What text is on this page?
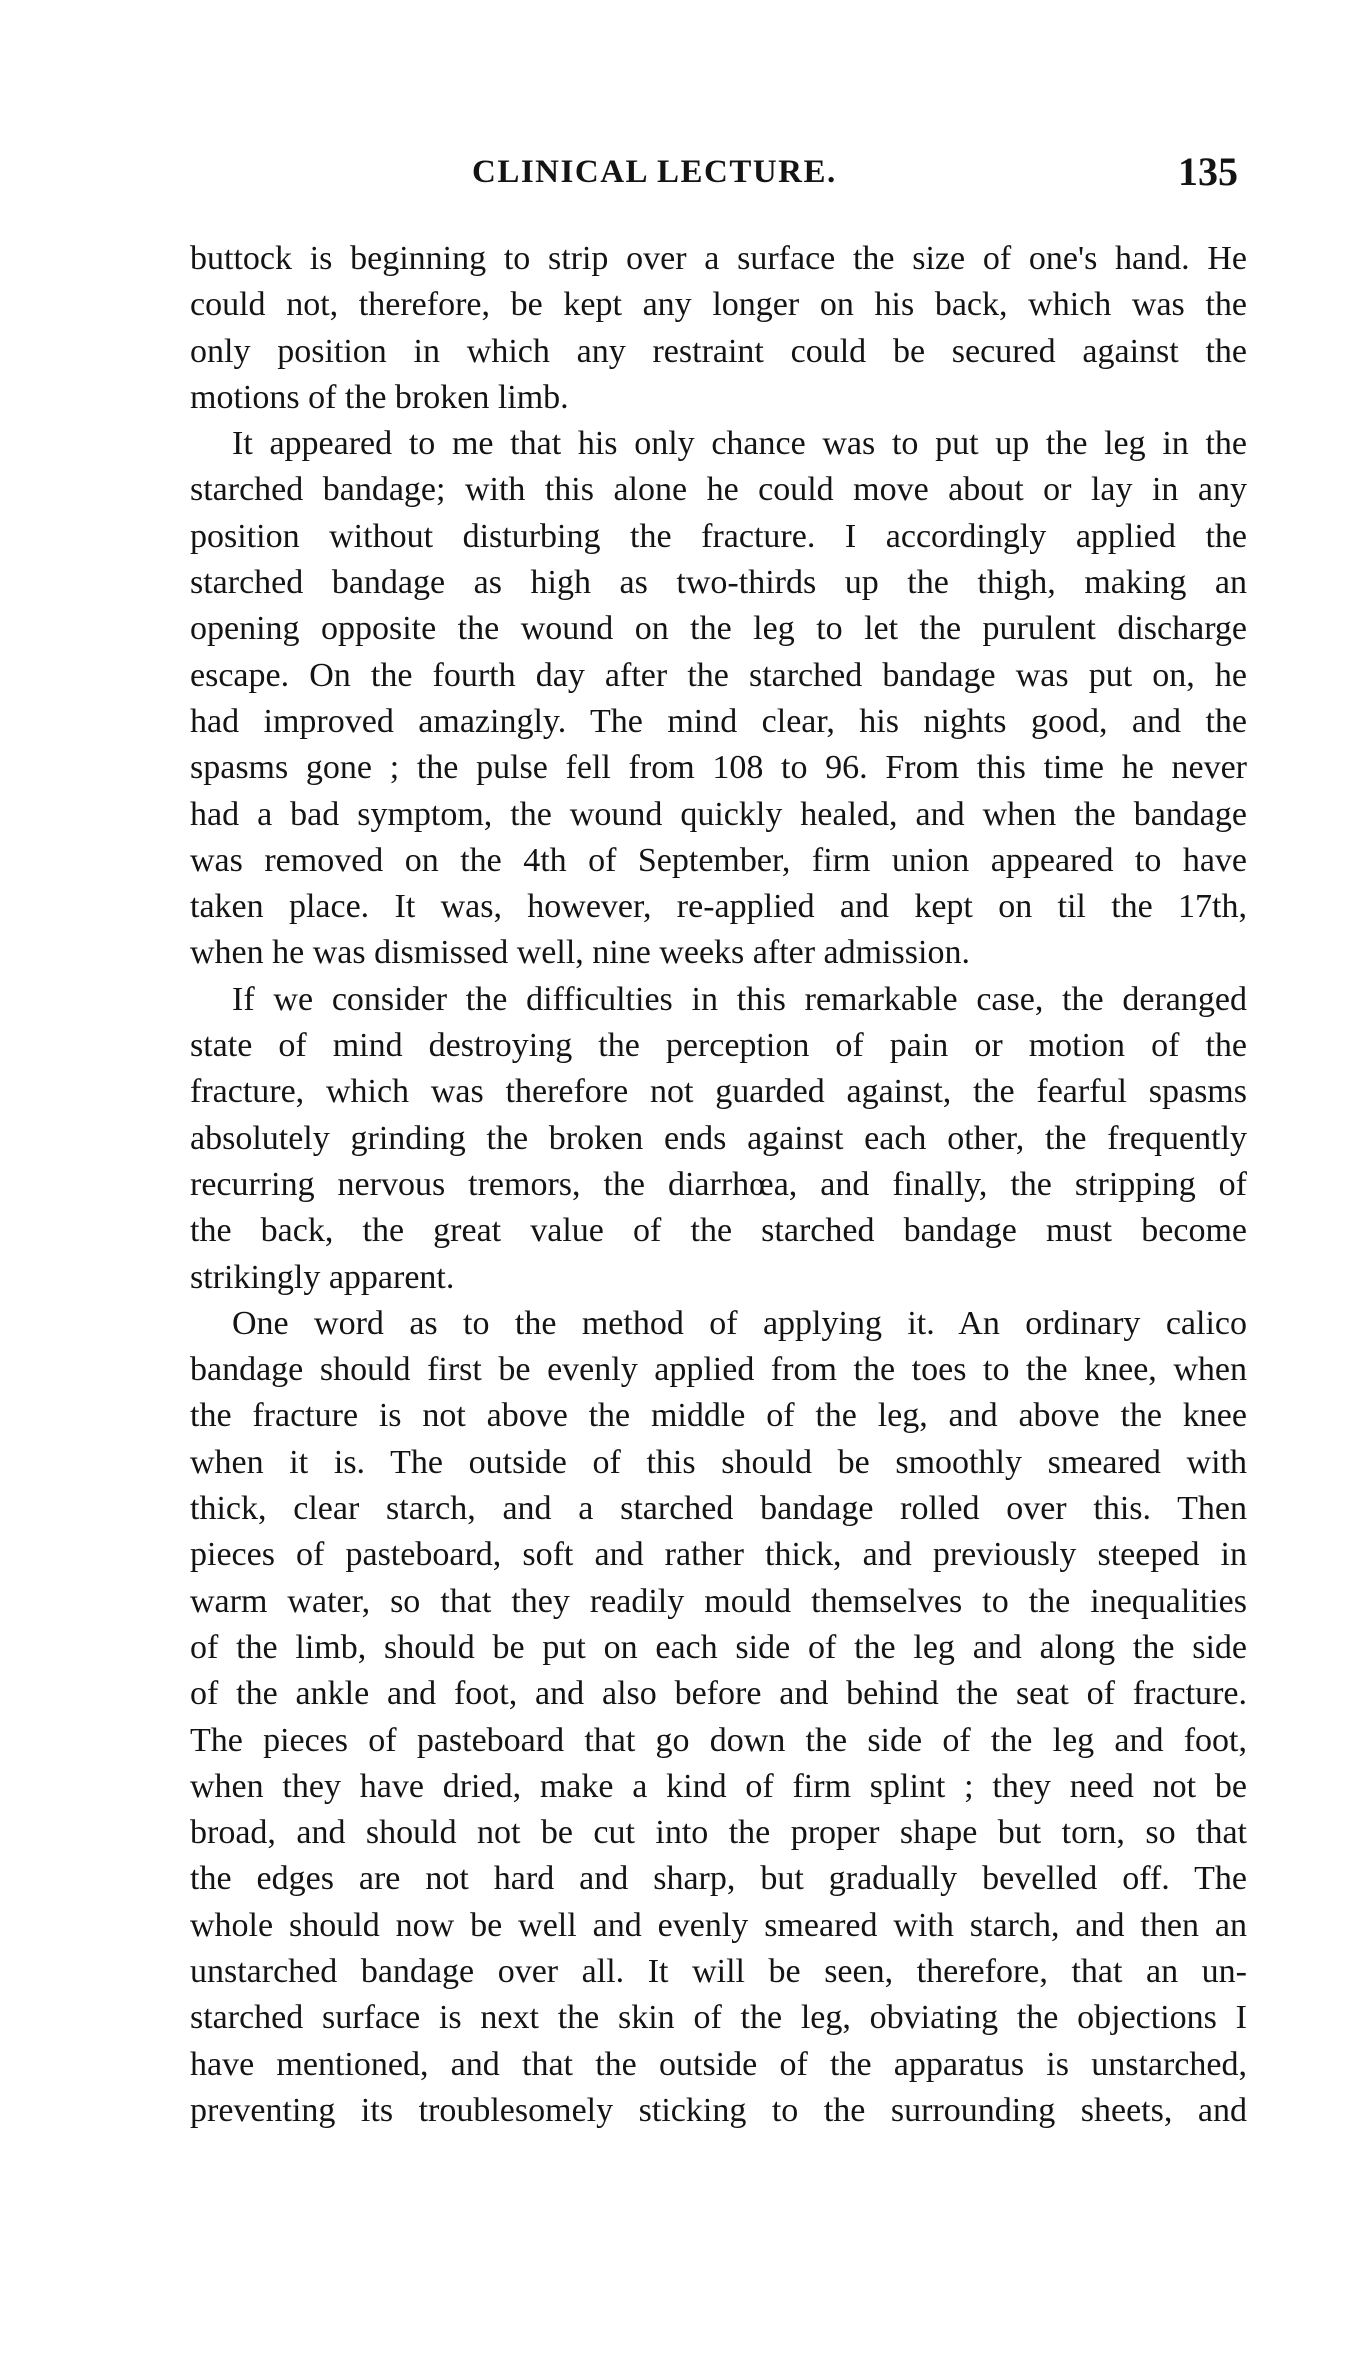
CLINICAL LECTURE.	135
buttock is beginning to strip over a surface the size of one's hand. He
could not, therefore, be kept any longer on his back, which was the
only position in which any restraint could be secured against the
motions of the broken limb.
It appeared to me that his only chance was to put up the leg in the
starched bandage; with this alone he could move about or lay in any
position without disturbing the fracture. I accordingly applied the
starched bandage as high as two-thirds up the thigh, making an
opening opposite the wound on the leg to let the purulent discharge
escape. On the fourth day after the starched bandage was put on, he
had improved amazingly. The mind clear, his nights good, and the
spasms gone ; the pulse fell from 108 to 96. From this time he never
had a bad symptom, the wound quickly healed, and when the bandage
was removed on the 4th of September, firm union appeared to have
taken place. It was, however, re-applied and kept on til the 17th,
when he was dismissed well, nine weeks after admission.
If we consider the difficulties in this remarkable case, the deranged
state of mind destroying the perception of pain or motion of the
fracture, which was therefore not guarded against, the fearful spasms
absolutely grinding the broken ends against each other, the frequently
recurring nervous tremors, the diarrhœa, and finally, the stripping of
the back, the great value of the starched bandage must become
strikingly apparent.
One word as to the method of applying it. An ordinary calico
bandage should first be evenly applied from the toes to the knee, when
the fracture is not above the middle of the leg, and above the knee
when it is. The outside of this should be smoothly smeared with
thick, clear starch, and a starched bandage rolled over this. Then
pieces of pasteboard, soft and rather thick, and previously steeped in
warm water, so that they readily mould themselves to the inequalities
of the limb, should be put on each side of the leg and along the side
of the ankle and foot, and also before and behind the seat of fracture.
The pieces of pasteboard that go down the side of the leg and foot,
when they have dried, make a kind of firm splint ; they need not be
broad, and should not be cut into the proper shape but torn, so that
the edges are not hard and sharp, but gradually bevelled off. The
whole should now be well and evenly smeared with starch, and then an
unstarched bandage over all. It will be seen, therefore, that an un-
starched surface is next the skin of the leg, obviating the objections I
have mentioned, and that the outside of the apparatus is unstarched,
preventing its troublesomely sticking to the surrounding sheets, and
